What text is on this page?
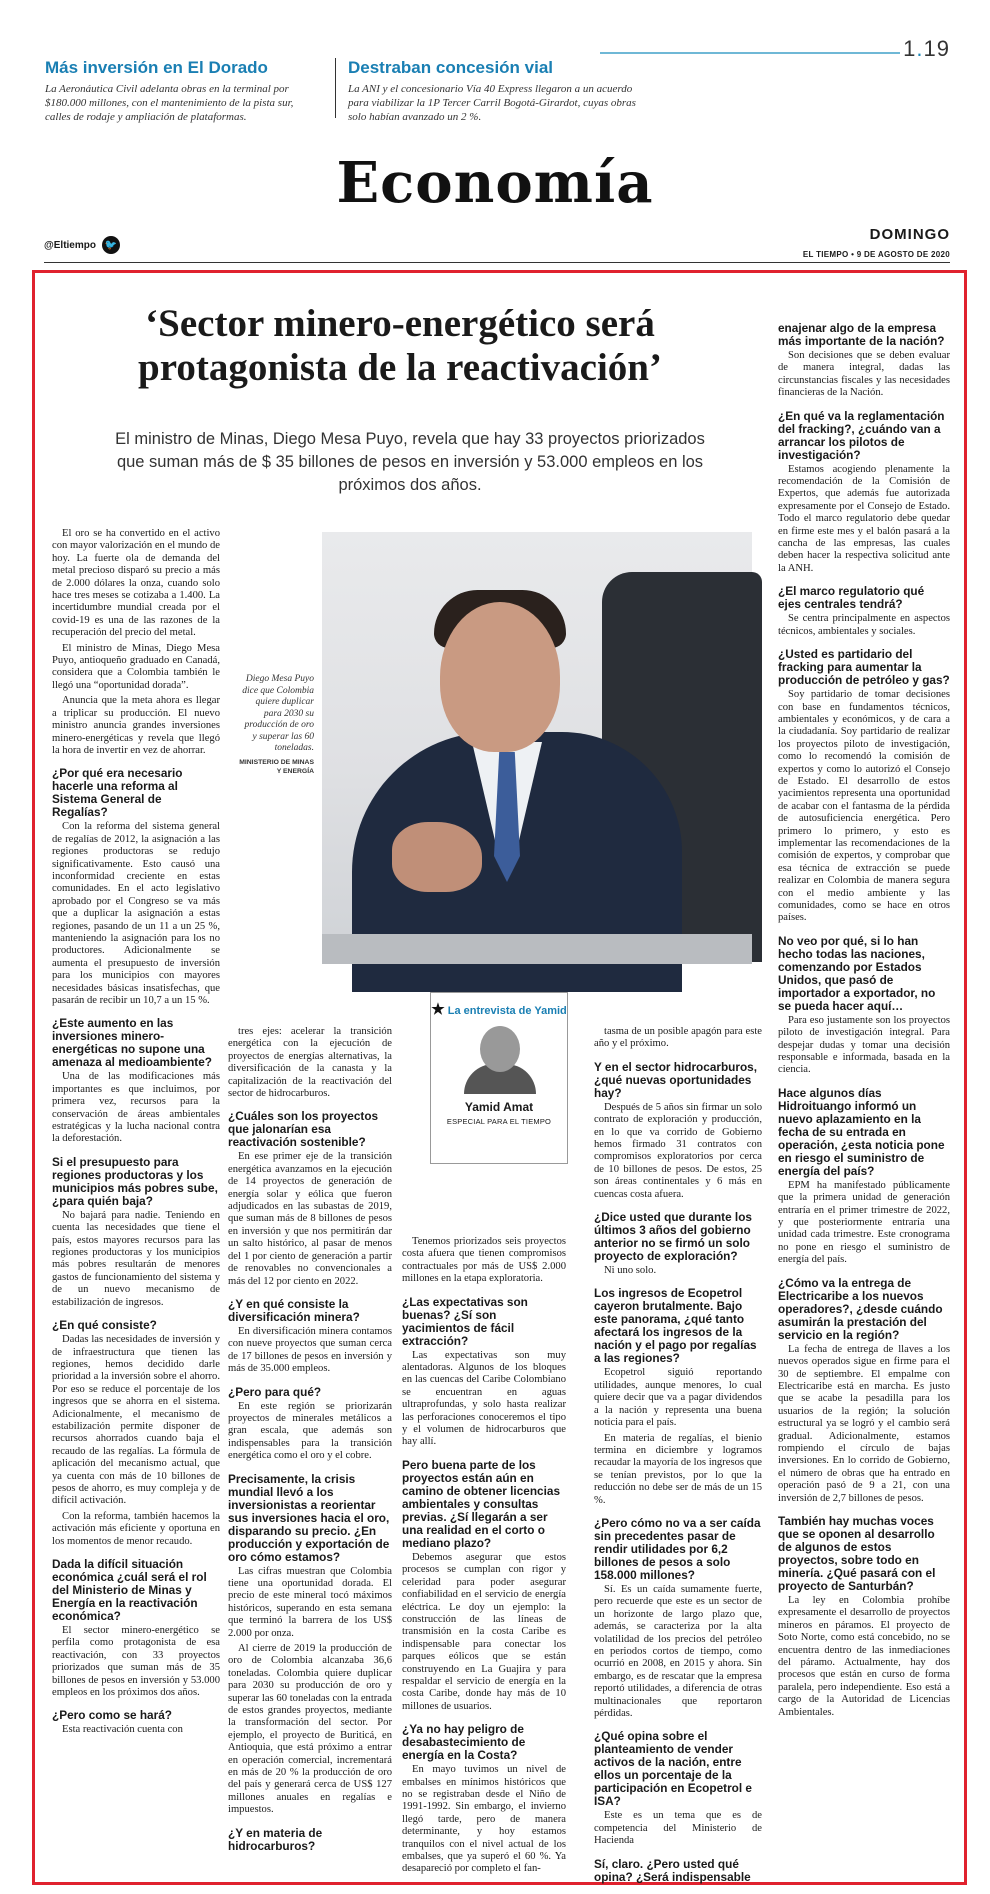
1.19
Más inversión en El Dorado

La Aeronáutica Civil adelanta obras en la terminal por $180.000 millones, con el mantenimiento de la pista sur, calles de rodaje y ampliación de plataformas.

Destraban concesión vial

La ANI y el concesionario Vía 40 Express llegaron a un acuerdo para viabilizar la 1P Tercer Carril Bogotá-Girardot, cuyas obras solo habían avanzado un 2 %.

Economía
@Eltiempo 🐦
DOMINGO
EL TIEMPO • 9 DE AGOSTO DE 2020
‘Sector minero-energético será protagonista de la reactivación’

El ministro de Minas, Diego Mesa Puyo, revela que hay 33 proyectos priorizados que suman más de $ 35 billones de pesos en inversión y 53.000 empleos en los próximos dos años.

Diego Mesa Puyo dice que Colombia quiere duplicar para 2030 su producción de oro y superar las 60 toneladas.
MINISTERIO DE MINAS Y ENERGÍA
★ La entrevista de Yamid
Yamid Amat
ESPECIAL PARA EL TIEMPO

El oro se ha convertido en el activo con mayor valorización en el mundo de hoy. La fuerte ola de demanda del metal precioso disparó su precio a más de 2.000 dólares la onza, cuando solo hace tres meses se cotizaba a 1.400. La incertidumbre mundial creada por el covid-19 es una de las razones de la recuperación del precio del metal.

El ministro de Minas, Diego Mesa Puyo, antioqueño graduado en Canadá, considera que a Colombia también le llegó una “oportunidad dorada”.

Anuncia que la meta ahora es llegar a triplicar su producción. El nuevo ministro anuncia grandes inversiones minero-energéticas y revela que llegó la hora de invertir en vez de ahorrar.

¿Por qué era necesario hacerle una reforma al Sistema General de Regalías?

Con la reforma del sistema general de regalías de 2012, la asignación a las regiones productoras se redujo significativamente. Esto causó una inconformidad creciente en estas comunidades. En el acto legislativo aprobado por el Congreso se va más que a duplicar la asignación a estas regiones, pasando de un 11 a un 25 %, manteniendo la asignación para los no productores. Adicionalmente se aumenta el presupuesto de inversión para los municipios con mayores necesidades básicas insatisfechas, que pasarán de recibir un 10,7 a un 15 %.

¿Este aumento en las inversiones minero-energéticas no supone una amenaza al medioambiente?

Una de las modificaciones más importantes es que incluimos, por primera vez, recursos para la conservación de áreas ambientales estratégicas y la lucha nacional contra la deforestación.

Si el presupuesto para regiones productoras y los municipios más pobres sube, ¿para quién baja?

No bajará para nadie. Teniendo en cuenta las necesidades que tiene el país, estos mayores recursos para las regiones productoras y los municipios más pobres resultarán de menores gastos de funcionamiento del sistema y de un nuevo mecanismo de estabilización de ingresos.

¿En qué consiste?

Dadas las necesidades de inversión y de infraestructura que tienen las regiones, hemos decidido darle prioridad a la inversión sobre el ahorro. Por eso se reduce el porcentaje de los ingresos que se ahorra en el sistema. Adicionalmente, el mecanismo de estabilización permite disponer de recursos ahorrados cuando baja el recaudo de las regalías. La fórmula de aplicación del mecanismo actual, que ya cuenta con más de 10 billones de pesos de ahorro, es muy compleja y de difícil activación.

Con la reforma, también hacemos la activación más eficiente y oportuna en los momentos de menor recaudo.

Dada la difícil situación económica ¿cuál será el rol del Ministerio de Minas y Energía en la reactivación económica?

El sector minero-energético se perfila como protagonista de esa reactivación, con 33 proyectos priorizados que suman más de 35 billones de pesos en inversión y 53.000 empleos en los próximos dos años.

¿Pero como se hará?

Esta reactivación cuenta con

tres ejes: acelerar la transición energética con la ejecución de proyectos de energías alternativas, la diversificación de la canasta y la capitalización de la reactivación del sector de hidrocarburos.

¿Cuáles son los proyectos que jalonarían esa reactivación sostenible?

En ese primer eje de la transición energética avanzamos en la ejecución de 14 proyectos de generación de energía solar y eólica que fueron adjudicados en las subastas de 2019, que suman más de 8 billones de pesos en inversión y que nos permitirán dar un salto histórico, al pasar de menos del 1 por ciento de generación a partir de renovables no convencionales a más del 12 por ciento en 2022.

¿Y en qué consiste la diversificación minera?

En diversificación minera contamos con nueve proyectos que suman cerca de 17 billones de pesos en inversión y más de 35.000 empleos.

¿Pero para qué?

En este región se priorizarán proyectos de minerales metálicos a gran escala, que además son indispensables para la transición energética como el oro y el cobre.

Precisamente, la crisis mundial llevó a los inversionistas a reorientar sus inversiones hacia el oro, disparando su precio. ¿En producción y exportación de oro cómo estamos?

Las cifras muestran que Colombia tiene una oportunidad dorada. El precio de este mineral tocó máximos históricos, superando en esta semana que terminó la barrera de los US$ 2.000 por onza.

Al cierre de 2019 la producción de oro de Colombia alcanzaba 36,6 toneladas. Colombia quiere duplicar para 2030 su producción de oro y superar las 60 toneladas con la entrada de estos grandes proyectos, mediante la transformación del sector. Por ejemplo, el proyecto de Buriticá, en Antioquia, que está próximo a entrar en operación comercial, incrementará en más de 20 % la producción de oro del país y generará cerca de US$ 127 millones anuales en regalías e impuestos.

¿Y en materia de hidrocarburos?

Tenemos priorizados seis proyectos costa afuera que tienen compromisos contractuales por más de US$ 2.000 millones en la etapa exploratoria.

¿Las expectativas son buenas? ¿Sí son yacimientos de fácil extracción?

Las expectativas son muy alentadoras. Algunos de los bloques en las cuencas del Caribe Colombiano se encuentran en aguas ultraprofundas, y solo hasta realizar las perforaciones conoceremos el tipo y el volumen de hidrocarburos que hay allí.

Pero buena parte de los proyectos están aún en camino de obtener licencias ambientales y consultas previas. ¿Sí llegarán a ser una realidad en el corto o mediano plazo?

Debemos asegurar que estos procesos se cumplan con rigor y celeridad para poder asegurar confiabilidad en el servicio de energía eléctrica. Le doy un ejemplo: la construcción de las líneas de transmisión en la costa Caribe es indispensable para conectar los parques eólicos que se están construyendo en La Guajira y para respaldar el servicio de energía en la costa Caribe, donde hay más de 10 millones de usuarios.

¿Ya no hay peligro de desabastecimiento de energía en la Costa?

En mayo tuvimos un nivel de embalses en mínimos históricos que no se registraban desde el Niño de 1991-1992. Sin embargo, el invierno llegó tarde, pero de manera determinante, y hoy estamos tranquilos con el nivel actual de los embalses, que ya superó el 60 %. Ya desapareció por completo el fan-

tasma de un posible apagón para este año y el próximo.

Y en el sector hidrocarburos, ¿qué nuevas oportunidades hay?

Después de 5 años sin firmar un solo contrato de exploración y producción, en lo que va corrido de Gobierno hemos firmado 31 contratos con compromisos exploratorios por cerca de 10 billones de pesos. De estos, 25 son áreas continentales y 6 más en cuencas costa afuera.

¿Dice usted que durante los últimos 3 años del gobierno anterior no se firmó un solo proyecto de exploración?

Ni uno solo.

Los ingresos de Ecopetrol cayeron brutalmente. Bajo este panorama, ¿qué tanto afectará los ingresos de la nación y el pago por regalías a las regiones?

Ecopetrol siguió reportando utilidades, aunque menores, lo cual quiere decir que va a pagar dividendos a la nación y representa una buena noticia para el país.

En materia de regalías, el bienio termina en diciembre y logramos recaudar la mayoría de los ingresos que se tenían previstos, por lo que la reducción no debe ser de más de un 15 %.

¿Pero cómo no va a ser caída sin precedentes pasar de rendir utilidades por 6,2 billones de pesos a solo 158.000 millones?

Sí. Es un caída sumamente fuerte, pero recuerde que este es un sector de un horizonte de largo plazo que, además, se caracteriza por la alta volatilidad de los precios del petróleo en periodos cortos de tiempo, como ocurrió en 2008, en 2015 y ahora. Sin embargo, es de rescatar que la empresa reportó utilidades, a diferencia de otras multinacionales que reportaron pérdidas.

¿Qué opina sobre el planteamiento de vender activos de la nación, entre ellos un porcentaje de la participación en Ecopetrol e ISA?

Este es un tema que es de competencia del Ministerio de Hacienda

Sí, claro. ¿Pero usted qué opina? ¿Será indispensable
enajenar algo de la empresa más importante de la nación?

Son decisiones que se deben evaluar de manera integral, dadas las circunstancias fiscales y las necesidades financieras de la Nación.

¿En qué va la reglamentación del fracking?, ¿cuándo van a arrancar los pilotos de investigación?

Estamos acogiendo plenamente la recomendación de la Comisión de Expertos, que además fue autorizada expresamente por el Consejo de Estado. Todo el marco regulatorio debe quedar en firme este mes y el balón pasará a la cancha de las empresas, las cuales deben hacer la respectiva solicitud ante la ANH.

¿El marco regulatorio qué ejes centrales tendrá?

Se centra principalmente en aspectos técnicos, ambientales y sociales.

¿Usted es partidario del fracking para aumentar la producción de petróleo y gas?

Soy partidario de tomar decisiones con base en fundamentos técnicos, ambientales y económicos, y de cara a la ciudadanía. Soy partidario de realizar los proyectos piloto de investigación, como lo recomendó la comisión de expertos y como lo autorizó el Consejo de Estado. El desarrollo de estos yacimientos representa una oportunidad de acabar con el fantasma de la pérdida de autosuficiencia energética. Pero primero lo primero, y esto es implementar las recomendaciones de la comisión de expertos, y comprobar que esa técnica de extracción se puede realizar en Colombia de manera segura con el medio ambiente y las comunidades, como se hace en otros países.

No veo por qué, si lo han hecho todas las naciones, comenzando por Estados Unidos, que pasó de importador a exportador, no se pueda hacer aquí…

Para eso justamente son los proyectos piloto de investigación integral. Para despejar dudas y tomar una decisión responsable e informada, basada en la ciencia.

Hace algunos días Hidroituango informó un nuevo aplazamiento en la fecha de su entrada en operación, ¿esta noticia pone en riesgo el suministro de energía del país?

EPM ha manifestado públicamente que la primera unidad de generación entraría en el primer trimestre de 2022, y que posteriormente entraría una unidad cada trimestre. Este cronograma no pone en riesgo el suministro de energía del país.

¿Cómo va la entrega de Electricaribe a los nuevos operadores?, ¿desde cuándo asumirán la prestación del servicio en la región?

La fecha de entrega de llaves a los nuevos operados sigue en firme para el 30 de septiembre. El empalme con Electricaribe está en marcha. Es justo que se acabe la pesadilla para los usuarios de la región; la solución estructural ya se logró y el cambio será gradual. Adicionalmente, estamos rompiendo el círculo de bajas inversiones. En lo corrido de Gobierno, el número de obras que ha entrado en operación pasó de 9 a 21, con una inversión de 2,7 billones de pesos.

También hay muchas voces que se oponen al desarrollo de algunos de estos proyectos, sobre todo en minería. ¿Qué pasará con el proyecto de Santurbán?

La ley en Colombia prohíbe expresamente el desarrollo de proyectos mineros en páramos. El proyecto de Soto Norte, como está concebido, no se encuentra dentro de las inmediaciones del páramo. Actualmente, hay dos procesos que están en curso de forma paralela, pero independiente. Eso está a cargo de la Autoridad de Licencias Ambientales.
